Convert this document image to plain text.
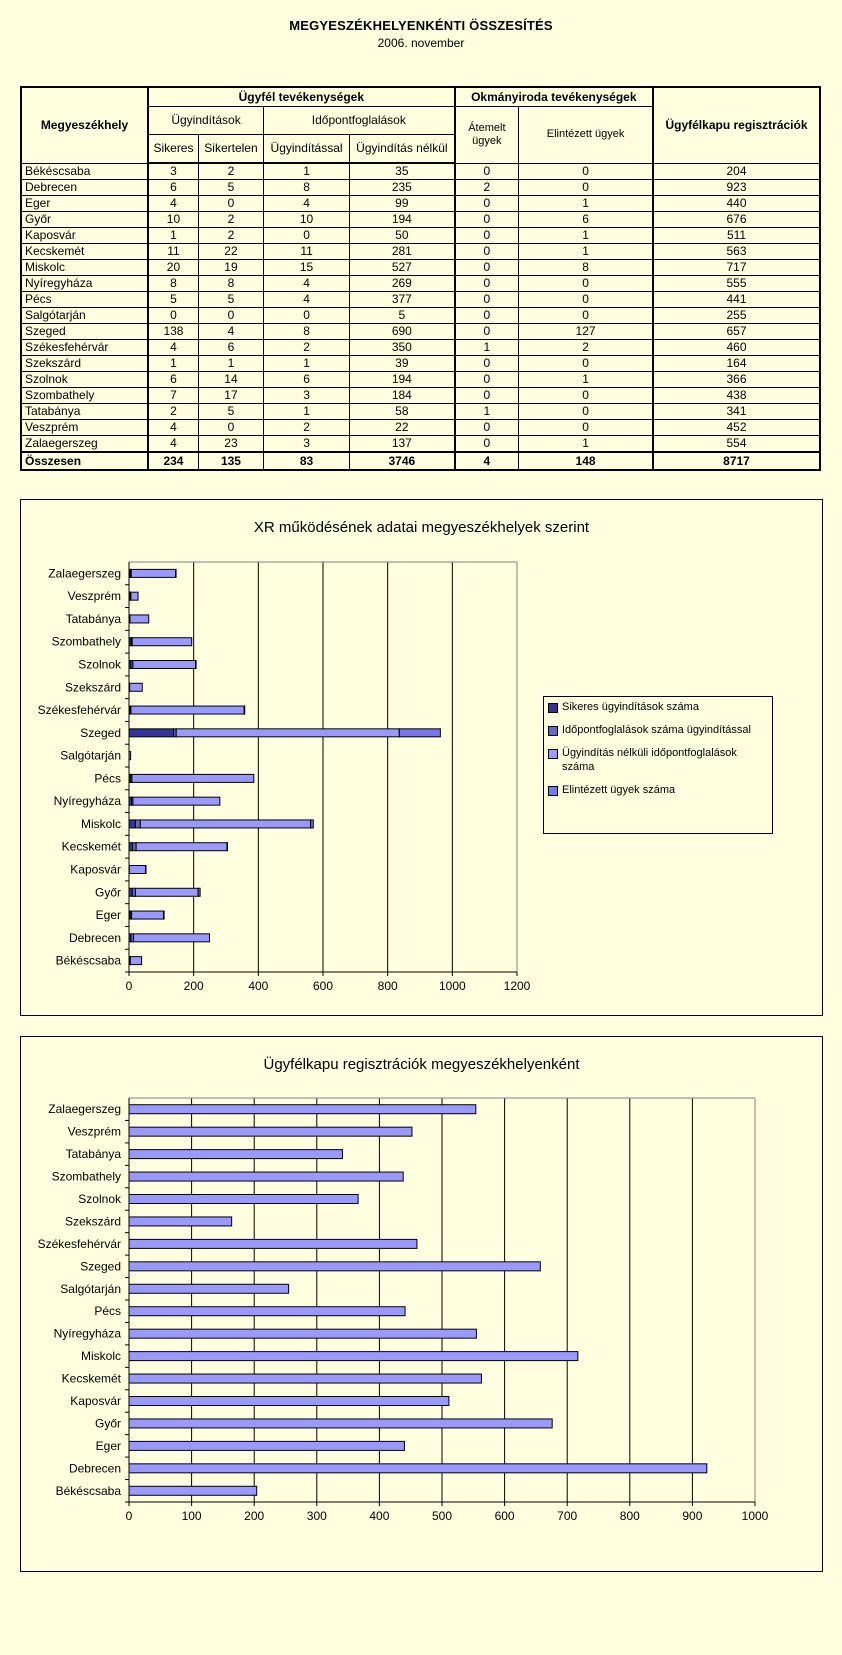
MEGYESZÉKHELYENKÉNTI ÖSSZESÍTÉS
2006. november
Megyeszékhely	Ügyfél tevékenységek				Okmányiroda tevékenységek		Ügyfélkapu regisztrációk
	Ügyindítások		Időpontfoglalások		Átemelt ügyek	Elintézett ügyek	
	Sikeres	Sikertelen	Ügyindítással	Ügyindítás nélkül			
Békéscsaba	3	2	1	35	0	0	204
Debrecen	6	5	8	235	2	0	923
Eger	4	0	4	99	0	1	440
Győr	10	2	10	194	0	6	676
Kaposvár	1	2	0	50	0	1	511
Kecskemét	11	22	11	281	0	1	563
Miskolc	20	19	15	527	0	8	717
Nyíregyháza	8	8	4	269	0	0	555
Pécs	5	5	4	377	0	0	441
Salgótarján	0	0	0	5	0	0	255
Szeged	138	4	8	690	0	127	657
Székesfehérvár	4	6	2	350	1	2	460
Szekszárd	1	1	1	39	0	0	164
Szolnok	6	14	6	194	0	1	366
Szombathely	7	17	3	184	0	0	438
Tatabánya	2	5	1	58	1	0	341
Veszprém	4	0	2	22	0	0	452
Zalaegerszeg	4	23	3	137	0	1	554
Összesen	234	135	83	3746	4	148	8717
XR működésének adatai megyeszékhelyek szerint
0	200	400	600	800	1000	1200
Békéscsaba
Debrecen
Eger
Győr
Kaposvár
Kecskemét
Miskolc
Nyíregyháza
Pécs
Salgótarján
Szeged
Székesfehérvár
Szekszárd
Szolnok
Szombathely
Tatabánya
Veszprém
Zalaegerszeg
Sikeres ügyindítások száma
Időpontfoglalások száma ügyindítással
Ügyindítás nélküli időpontfoglalások száma
Elintézett ügyek száma
Ügyfélkapu regisztrációk megyeszékhelyenként
0	100	200	300	400	500	600	700	800	900	1000
Békéscsaba
Debrecen
Eger
Győr
Kaposvár
Kecskemét
Miskolc
Nyíregyháza
Pécs
Salgótarján
Szeged
Székesfehérvár
Szekszárd
Szolnok
Szombathely
Tatabánya
Veszprém
Zalaegerszeg
